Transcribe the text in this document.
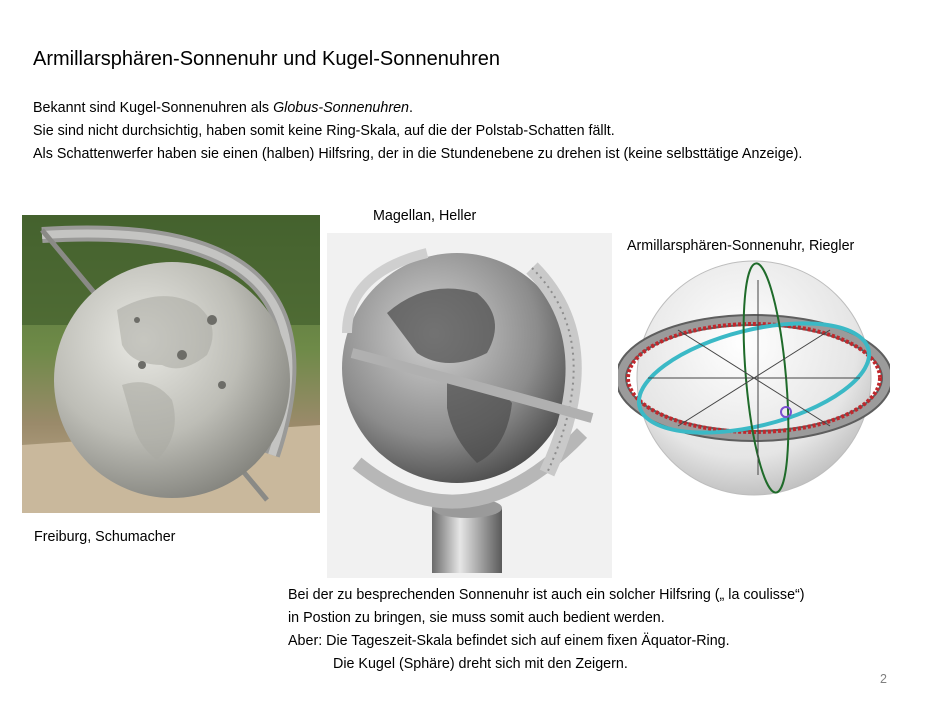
Armillarsphären-Sonnenuhr und Kugel-Sonnenuhren
Bekannt sind Kugel-Sonnenuhren als Globus-Sonnenuhren.
Sie sind nicht durchsichtig, haben somit keine Ring-Skala, auf die der Polstab-Schatten fällt.
Als Schattenwerfer haben sie einen (halben) Hilfsring, der in die Stundenebene zu drehen ist (keine selbsttätige Anzeige).
Magellan, Heller
Armillarsphären-Sonnenuhr, Riegler
Freiburg, Schumacher
Bei der zu besprechenden Sonnenuhr ist auch ein solcher Hilfsring („ la coulisse“)
in Postion zu bringen, sie muss somit auch bedient werden.
Aber: Die Tageszeit-Skala befindet sich auf einem fixen Äquator-Ring.
Die Kugel (Sphäre) dreht sich mit den Zeigern.
2
